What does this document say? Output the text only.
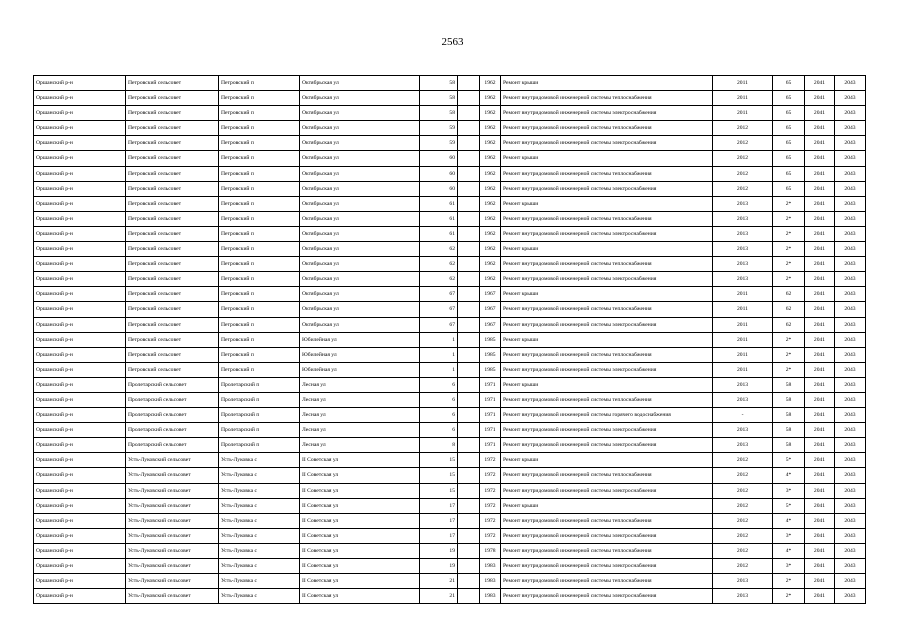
2563
Оршанский р-н	Петровский сельсовет	Петровский п	Октябрьская ул	58		1962	Ремонт крыши	2011	65	2041	2043
Оршанский р-н	Петровский сельсовет	Петровский п	Октябрьская ул	58		1962	Ремонт внутридомовой инженерной системы теплоснабжения	2011	65	2041	2043
Оршанский р-н	Петровский сельсовет	Петровский п	Октябрьская ул	58		1962	Ремонт внутридомовой инженерной системы электроснабжения	2011	65	2041	2043
Оршанский р-н	Петровский сельсовет	Петровский п	Октябрьская ул	59		1962	Ремонт внутридомовой инженерной системы теплоснабжения	2012	65	2041	2043
Оршанский р-н	Петровский сельсовет	Петровский п	Октябрьская ул	59		1962	Ремонт внутридомовой инженерной системы электроснабжения	2012	65	2041	2043
Оршанский р-н	Петровский сельсовет	Петровский п	Октябрьская ул	60		1962	Ремонт крыши	2012	65	2041	2043
Оршанский р-н	Петровский сельсовет	Петровский п	Октябрьская ул	60		1962	Ремонт внутридомовой инженерной системы теплоснабжения	2012	65	2041	2043
Оршанский р-н	Петровский сельсовет	Петровский п	Октябрьская ул	60		1962	Ремонт внутридомовой инженерной системы электроснабжения	2012	65	2041	2043
Оршанский р-н	Петровский сельсовет	Петровский п	Октябрьская ул	61		1962	Ремонт крыши	2013	2*	2041	2043
Оршанский р-н	Петровский сельсовет	Петровский п	Октябрьская ул	61		1962	Ремонт внутридомовой инженерной системы теплоснабжения	2013	2*	2041	2043
Оршанский р-н	Петровский сельсовет	Петровский п	Октябрьская ул	61		1962	Ремонт внутридомовой инженерной системы электроснабжения	2013	2*	2041	2043
Оршанский р-н	Петровский сельсовет	Петровский п	Октябрьская ул	62		1962	Ремонт крыши	2013	2*	2041	2043
Оршанский р-н	Петровский сельсовет	Петровский п	Октябрьская ул	62		1962	Ремонт внутридомовой инженерной системы теплоснабжения	2013	2*	2041	2043
Оршанский р-н	Петровский сельсовет	Петровский п	Октябрьская ул	62		1962	Ремонт внутридомовой инженерной системы электроснабжения	2013	2*	2041	2043
Оршанский р-н	Петровский сельсовет	Петровский п	Октябрьская ул	67		1967	Ремонт крыши	2011	62	2041	2043
Оршанский р-н	Петровский сельсовет	Петровский п	Октябрьская ул	67		1967	Ремонт внутридомовой инженерной системы теплоснабжения	2011	62	2041	2043
Оршанский р-н	Петровский сельсовет	Петровский п	Октябрьская ул	67		1967	Ремонт внутридомовой инженерной системы электроснабжения	2011	62	2041	2043
Оршанский р-н	Петровский сельсовет	Петровский п	Юбилейная ул	1		1985	Ремонт крыши	2011	2*	2041	2043
Оршанский р-н	Петровский сельсовет	Петровский п	Юбилейная ул	1		1985	Ремонт внутридомовой инженерной системы теплоснабжения	2011	2*	2041	2043
Оршанский р-н	Петровский сельсовет	Петровский п	Юбилейная ул	1		1985	Ремонт внутридомовой инженерной системы электроснабжения	2011	2*	2041	2043
Оршанский р-н	Пролетарский сельсовет	Пролетарский п	Лесная ул	6		1971	Ремонт крыши	2013	58	2041	2043
Оршанский р-н	Пролетарский сельсовет	Пролетарский п	Лесная ул	6		1971	Ремонт внутридомовой инженерной системы теплоснабжения	2013	58	2041	2043
Оршанский р-н	Пролетарский сельсовет	Пролетарский п	Лесная ул	6		1971	Ремонт внутридомовой инженерной системы горячего водоснабжения	-	58	2041	2043
Оршанский р-н	Пролетарский сельсовет	Пролетарский п	Лесная ул	6		1971	Ремонт внутридомовой инженерной системы электроснабжения	2013	58	2041	2043
Оршанский р-н	Пролетарский сельсовет	Пролетарский п	Лесная ул	8		1971	Ремонт внутридомовой инженерной системы электроснабжения	2013	58	2041	2043
Оршанский р-н	Усть-Луковский сельсовет	Усть-Луковка с	II Советская ул	15		1972	Ремонт крыши	2012	5*	2041	2043
Оршанский р-н	Усть-Луковский сельсовет	Усть-Луковка с	II Советская ул	15		1972	Ремонт внутридомовой инженерной системы теплоснабжения	2012	4*	2041	2043
Оршанский р-н	Усть-Луковский сельсовет	Усть-Луковка с	II Советская ул	15		1972	Ремонт внутридомовой инженерной системы электроснабжения	2012	3*	2041	2043
Оршанский р-н	Усть-Луковский сельсовет	Усть-Луковка с	II Советская ул	17		1972	Ремонт крыши	2012	5*	2041	2043
Оршанский р-н	Усть-Луковский сельсовет	Усть-Луковка с	II Советская ул	17		1972	Ремонт внутридомовой инженерной системы теплоснабжения	2012	4*	2041	2043
Оршанский р-н	Усть-Луковский сельсовет	Усть-Луковка с	II Советская ул	17		1972	Ремонт внутридомовой инженерной системы электроснабжения	2012	3*	2041	2043
Оршанский р-н	Усть-Луковский сельсовет	Усть-Луковка с	II Советская ул	19		1978	Ремонт внутридомовой инженерной системы теплоснабжения	2012	4*	2041	2043
Оршанский р-н	Усть-Луковский сельсовет	Усть-Луковка с	II Советская ул	19		1983	Ремонт внутридомовой инженерной системы электроснабжения	2012	3*	2041	2043
Оршанский р-н	Усть-Луковский сельсовет	Усть-Луковка с	II Советская ул	21		1983	Ремонт внутридомовой инженерной системы теплоснабжения	2013	2*	2041	2043
Оршанский р-н	Усть-Луковский сельсовет	Усть-Луковка с	II Советская ул	21		1983	Ремонт внутридомовой инженерной системы электроснабжения	2013	2*	2041	2043
